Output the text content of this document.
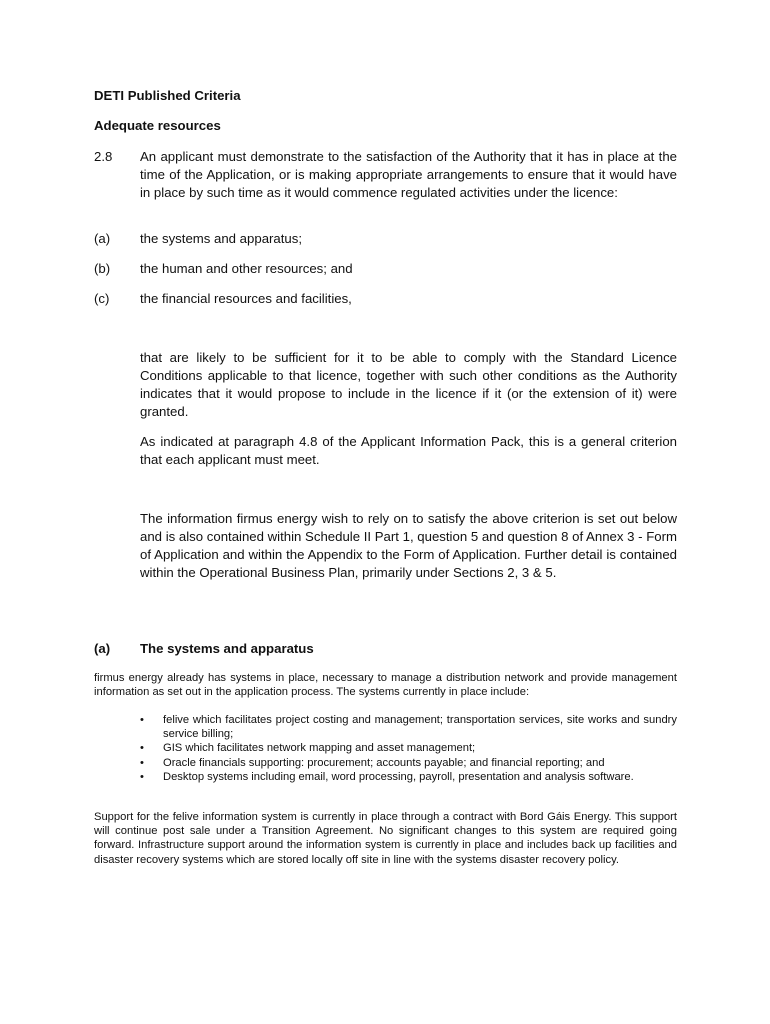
DETI Published Criteria
Adequate resources
2.8 An applicant must demonstrate to the satisfaction of the Authority that it has in place at the time of the Application, or is making appropriate arrangements to ensure that it would have in place by such time as it would commence regulated activities under the licence:
(a) the systems and apparatus;
(b) the human and other resources; and
(c) the financial resources and facilities,
that are likely to be sufficient for it to be able to comply with the Standard Licence Conditions applicable to that licence, together with such other conditions as the Authority indicates that it would propose to include in the licence if it (or the extension of it) were granted.
As indicated at paragraph 4.8 of the Applicant Information Pack, this is a general criterion that each applicant must meet.
The information firmus energy wish to rely on to satisfy the above criterion is set out below and is also contained within Schedule II Part 1, question 5 and question 8 of Annex 3 - Form of Application and within the Appendix to the Form of Application. Further detail is contained within the Operational Business Plan, primarily under Sections 2, 3 & 5.
(a) The systems and apparatus
firmus energy already has systems in place, necessary to manage a distribution network and provide management information as set out in the application process. The systems currently in place include:
• felive which facilitates project costing and management; transportation services, site works and sundry service billing;
• GIS which facilitates network mapping and asset management;
• Oracle financials supporting: procurement; accounts payable; and financial reporting; and
• Desktop systems including email, word processing, payroll, presentation and analysis software.
Support for the felive information system is currently in place through a contract with Bord Gáis Energy. This support will continue post sale under a Transition Agreement. No significant changes to this system are required going forward. Infrastructure support around the information system is currently in place and includes back up facilities and disaster recovery systems which are stored locally off site in line with the systems disaster recovery policy.
